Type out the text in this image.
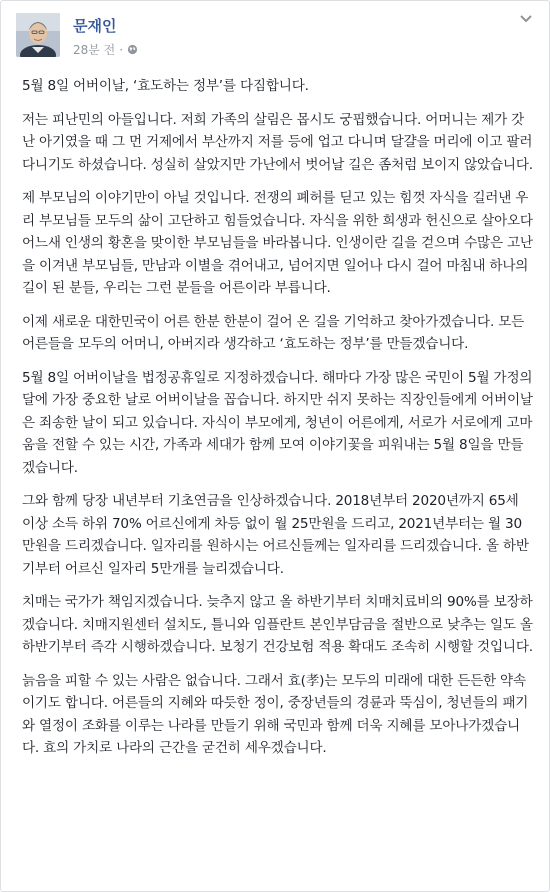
문재인
28분 전 ·

5월 8일 어버이날, ‘효도하는 정부’를 다짐합니다.

저는 피난민의 아들입니다. 저희 가족의 살림은 몹시도 궁핍했습니다. 어머니는 제가 갓난 아기였을 때 그 먼 거제에서 부산까지 저를 등에 업고 다니며 달걀을 머리에 이고 팔러 다니기도 하셨습니다. 성실히 살았지만 가난에서 벗어날 길은 좀처럼 보이지 않았습니다.

제 부모님의 이야기만이 아닐 것입니다. 전쟁의 폐허를 딛고 있는 힘껏 자식을 길러낸 우리 부모님들 모두의 삶이 고단하고 힘들었습니다. 자식을 위한 희생과 헌신으로 살아오다 어느새 인생의 황혼을 맞이한 부모님들을 바라봅니다. 인생이란 길을 걷으며 수많은 고난을 이겨낸 부모님들, 만남과 이별을 겪어내고, 넘어지면 일어나 다시 걸어 마침내 하나의 길이 된 분들, 우리는 그런 분들을 어른이라 부릅니다.

이제 새로운 대한민국이 어른 한분 한분이 걸어 온 길을 기억하고 찾아가겠습니다. 모든 어른들을 모두의 어머니, 아버지라 생각하고 ‘효도하는 정부’를 만들겠습니다.

5월 8일 어버이날을 법정공휴일로 지정하겠습니다. 해마다 가장 많은 국민이 5월 가정의 달에 가장 중요한 날로 어버이날을 꼽습니다. 하지만 쉬지 못하는 직장인들에게 어버이날은 죄송한 날이 되고 있습니다. 자식이 부모에게, 청년이 어른에게, 서로가 서로에게 고마움을 전할 수 있는 시간, 가족과 세대가 함께 모여 이야기꽃을 피워내는 5월 8일을 만들겠습니다.

그와 함께 당장 내년부터 기초연금을 인상하겠습니다. 2018년부터 2020년까지 65세 이상 소득 하위 70% 어르신에게 차등 없이 월 25만원을 드리고, 2021년부터는 월 30만원을 드리겠습니다. 일자리를 원하시는 어르신들께는 일자리를 드리겠습니다. 올 하반기부터 어르신 일자리 5만개를 늘리겠습니다.

치매는 국가가 책임지겠습니다. 늦추지 않고 올 하반기부터 치매치료비의 90%를 보장하겠습니다. 치매지원센터 설치도, 틀니와 임플란트 본인부담금을 절반으로 낮추는 일도 올 하반기부터 즉각 시행하겠습니다. 보청기 건강보험 적용 확대도 조속히 시행할 것입니다.

늙음을 피할 수 있는 사람은 없습니다. 그래서 효(孝)는 모두의 미래에 대한 든든한 약속이기도 합니다. 어른들의 지혜와 따듯한 정이, 중장년들의 경륜과 뚝심이, 청년들의 패기와 열정이 조화를 이루는 나라를 만들기 위해 국민과 함께 더욱 지혜를 모아나가겠습니다. 효의 가치로 나라의 근간을 굳건히 세우겠습니다.
